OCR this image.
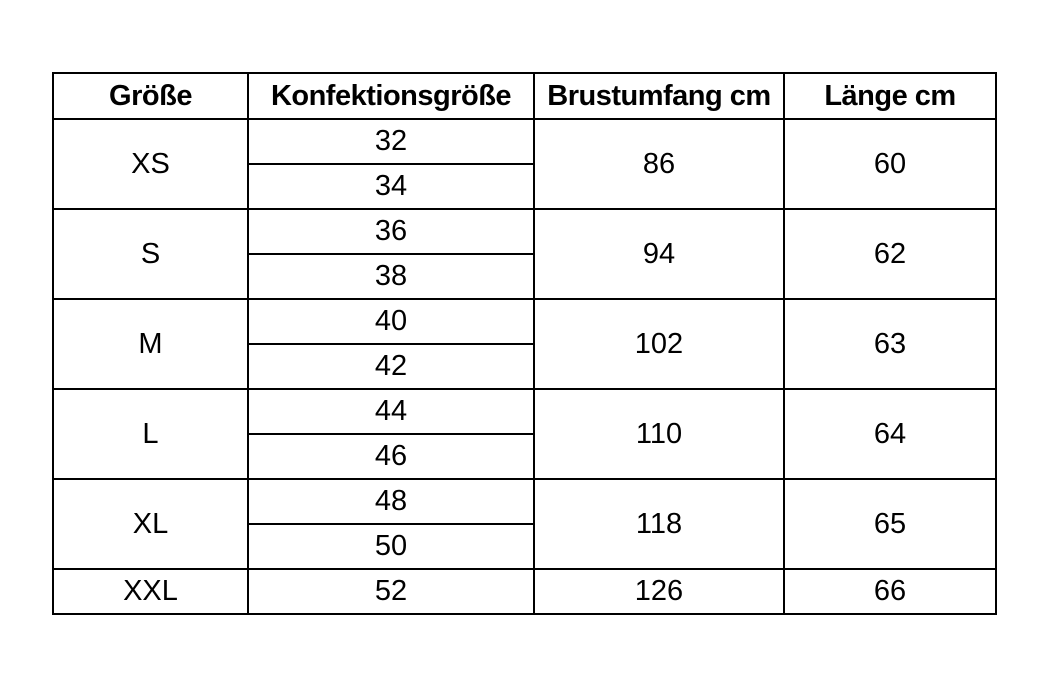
Größe	Konfektionsgröße	Brustumfang cm	Länge cm
XS	32	86	60
	34		
S	36	94	62
	38		
M	40	102	63
	42		
L	44	110	64
	46		
XL	48	118	65
	50		
XXL	52	126	66
